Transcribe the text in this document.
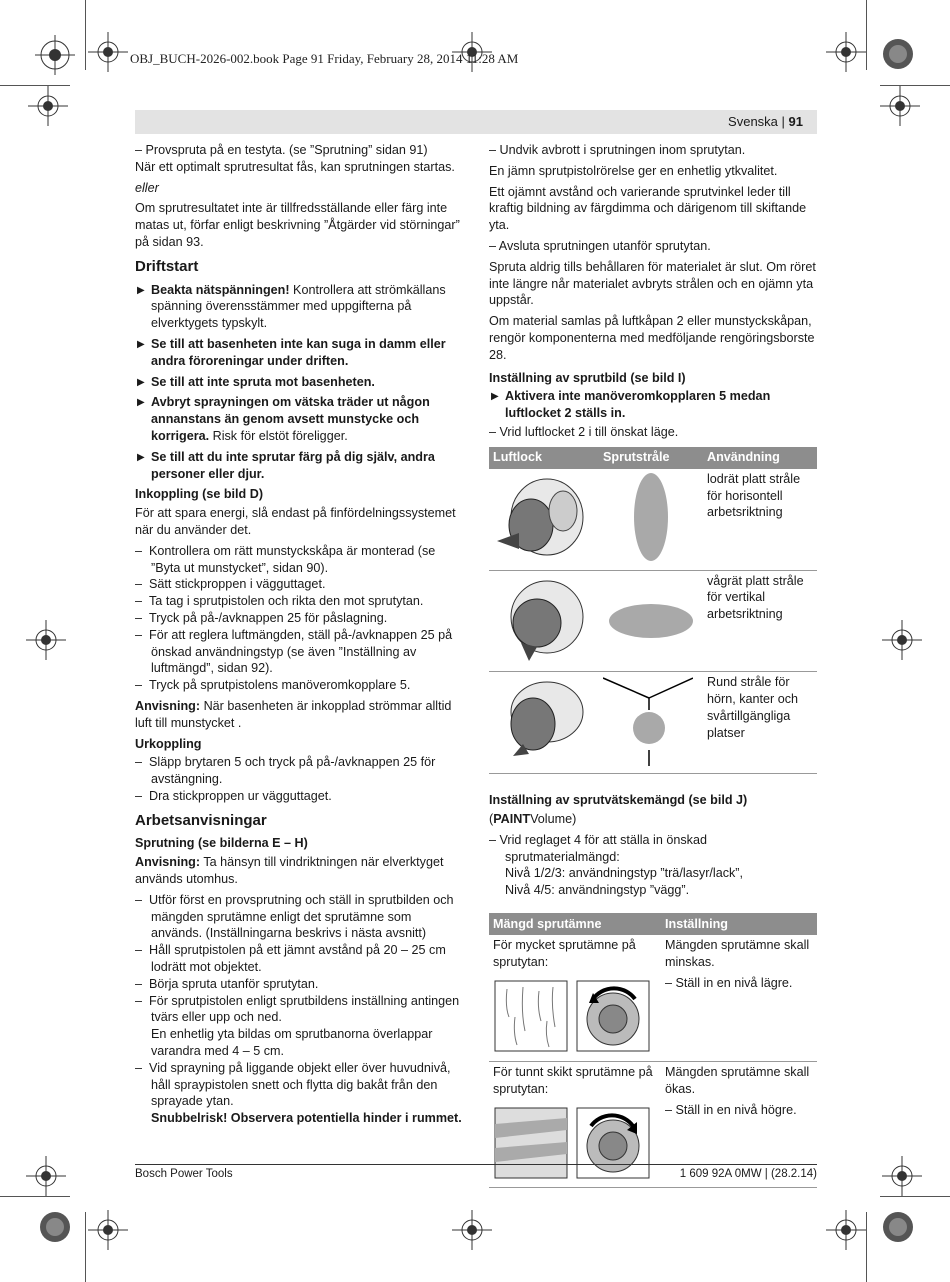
OBJ_BUCH-2026-002.book Page 91 Friday, February 28, 2014 11:28 AM
Svenska | 91

– Provspruta på en testyta. (se ”Sprutning” sidan 91)

När ett optimalt sprutresultat fås, kan sprutningen startas.

eller

Om sprutresultatet inte är tillfredsställande eller färg inte matas ut, förfar enligt beskrivning ”Åtgärder vid störningar” på sidan 93.

Driftstart
▶ Beakta nätspänningen! Kontrollera att strömkällans spänning överensstämmer med uppgifterna på elverktygets typskylt.
▶ Se till att basenheten inte kan suga in damm eller andra föroreningar under driften.
▶ Se till att inte spruta mot basenheten.
▶ Avbryt sprayningen om vätska träder ut någon annanstans än genom avsett munstycke och korrigera. Risk för elstöt föreligger.
▶ Se till att du inte sprutar färg på dig själv, andra personer eller djur.
Inkoppling (se bild D)

För att spara energi, slå endast på finfördelningssystemet när du använder det.

–  Kontrollera om rätt munstyckskåpa är monterad (se ”Byta ut munstycket”, sidan 90).

–  Sätt stickproppen i vägguttaget.

–  Ta tag i sprutpistolen och rikta den mot sprutytan.

–  Tryck på på-/avknappen 25 för påslagning.

–  För att reglera luftmängden, ställ på-/avknappen 25 på önskad användningstyp (se även ”Inställning av luftmängd”, sidan 92).

–  Tryck på sprutpistolens manöveromkopplare 5.

Anvisning: När basenheten är inkopplad strömmar alltid luft till munstycket .

Urkoppling

–  Släpp brytaren 5 och tryck på på-/avknappen 25 för avstängning.

–  Dra stickproppen ur vägguttaget.

Arbetsanvisningar
Sprutning (se bilderna E – H)

Anvisning: Ta hänsyn till vindriktningen när elverktyget används utomhus.

–  Utför först en provsprutning och ställ in sprutbilden och mängden sprutämne enligt det sprutämne som används. (Inställningarna beskrivs i nästa avsnitt)

–  Håll sprutpistolen på ett jämnt avstånd på 20 – 25 cm lodrätt mot objektet.

–  Börja spruta utanför sprutytan.

–  För sprutpistolen enligt sprutbildens inställning antingen tvärs eller upp och ned.

En enhetlig yta bildas om sprutbanorna överlappar varandra med 4 – 5 cm.

–  Vid sprayning på liggande objekt eller över huvudnivå, håll spraypistolen snett och flytta dig bakåt från den sprayade ytan.

Snubbelrisk! Observera potentiella hinder i rummet.

– Undvik avbrott i sprutningen inom sprutytan.

En jämn sprutpistolrörelse ger en enhetlig ytkvalitet.

Ett ojämnt avstånd och varierande sprutvinkel leder till kraftig bildning av färgdimma och därigenom till skiftande yta.

– Avsluta sprutningen utanför sprutytan.

Spruta aldrig tills behållaren för materialet är slut. Om röret inte längre når materialet avbryts strålen och en ojämn yta uppstår.

Om material samlas på luftkåpan 2 eller munstyckskåpan, rengör komponenterna med medföljande rengöringsborste 28.

Inställning av sprutbild (se bild I)
▶ Aktivera inte manöveromkopplaren 5 medan luftlocket 2 ställs in.

– Vrid luftlocket 2 i till önskat läge.

Luftlock	Sprutstråle	Användning
		lodrät platt stråle för horisontell arbetsriktning
		vågrät platt stråle för vertikal arbetsriktning
		Rund stråle för hörn, kanter och svårtillgängliga platser
Inställning av sprutvätskemängd (se bild J)

(PAINTVolume)

– Vrid reglaget 4 för att ställa in önskad sprutmaterialmängd:

Nivå 1/2/3: användningstyp ”trä/lasyr/lack”,

Nivå 4/5: användningstyp ”vägg”.

Mängd sprutämne	Inställning

För mycket sprutämne på sprutytan:	Mängden sprutämne skall minskas.
– Ställ in en nivå lägre.

För tunnt skikt sprutämne på sprutytan:	Mängden sprutämne skall ökas.
– Ställ in en nivå högre.
Bosch Power Tools	1 609 92A 0MW | (28.2.14)
